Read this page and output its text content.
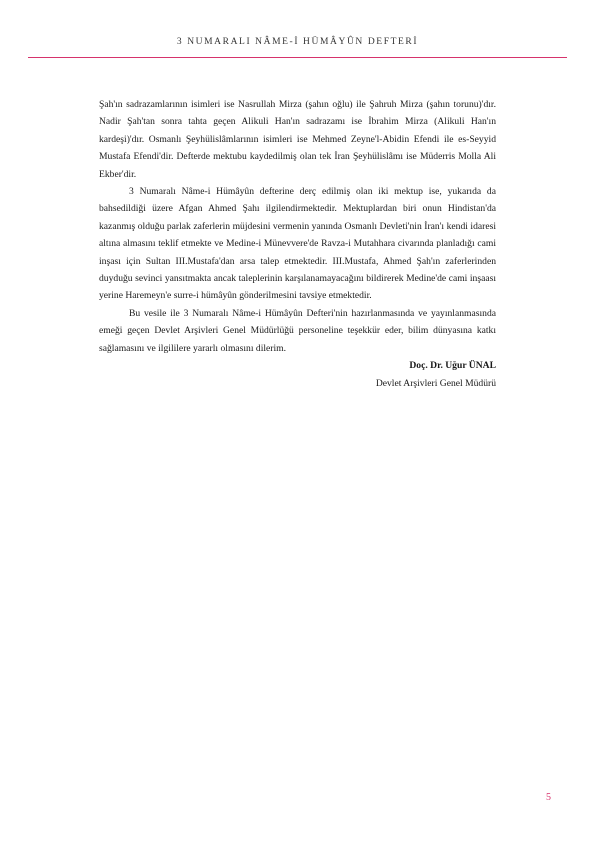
3 NUMARALI NÂME-İ HÜMÂYÛN DEFTERİ

Şah'ın sadrazamlarının isimleri ise Nasrullah Mirza (şahın oğlu) ile Şahruh Mirza (şahın torunu)'dır. Nadir Şah'tan sonra tahta geçen Alikuli Han'ın sadrazamı ise İbrahim Mirza (Alikuli Han'ın kardeşi)'dır. Osmanlı Şeyhülislâmlarının isimleri ise Mehmed Zeyne'l-Abidin Efendi ile es-Seyyid Mustafa Efendi'dir. Defterde mektubu kaydedilmiş olan tek İran Şeyhülislâmı ise Müderris Molla Ali Ekber'dir.

3 Numaralı Nâme-i Hümâyûn defterine derç edilmiş olan iki mektup ise, yukarıda da bahsedildiği üzere Afgan Ahmed Şahı ilgilendirmektedir. Mektuplardan biri onun Hindistan'da kazanmış olduğu parlak zaferlerin müjdesini vermenin yanında Osmanlı Devleti'nin İran'ı kendi idaresi altına almasını teklif etmekte ve Medine-i Münevvere'de Ravza-i Mutahhara civarında planladığı cami inşası için Sultan III.Mustafa'dan arsa talep etmektedir. III.Mustafa, Ahmed Şah'ın zaferlerinden duyduğu sevinci yansıtmakta ancak taleplerinin karşılanamayacağını bildirerek Medine'de cami inşaası yerine Haremeyn'e surre-i hümâyûn gönderilmesini tavsiye etmektedir.

Bu vesile ile 3 Numaralı Nâme-i Hümâyûn Defteri'nin hazırlanmasında ve yayınlanmasında emeği geçen Devlet Arşivleri Genel Müdürlüğü personeline teşekkür eder, bilim dünyasına katkı sağlamasını ve ilgililere yararlı olmasını dilerim.

Doç. Dr. Uğur ÜNAL

Devlet Arşivleri Genel Müdürü

5
